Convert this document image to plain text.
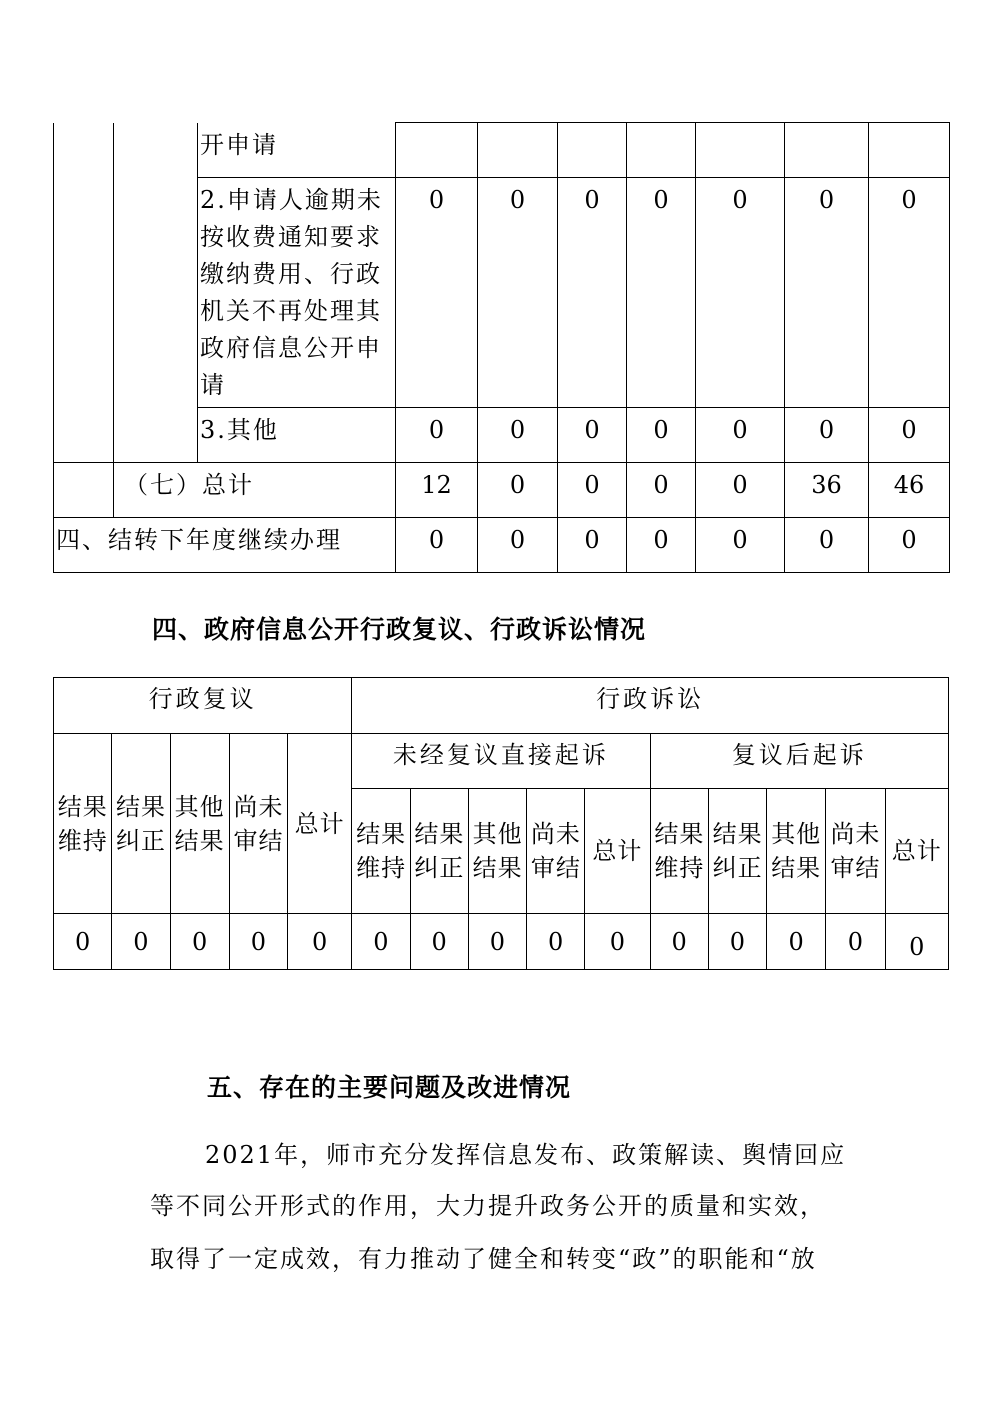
		开申请							
		2.申请人逾期未按收费通知要求缴纳费用、行政机关不再处理其政府信息公开申请	0	0	0	0	0	0	0
		3.其他	0	0	0	0	0	0	0
	（七）总计		12	0	0	0	0	36	46
四、结转下年度继续办理			0	0	0	0	0	0	0
四、政府信息公开行政复议、行政诉讼情况
行政复议					行政诉讼									
结果维持	结果纠正	其他结果	尚未审结	总计	未经复议直接起诉					复议后起诉				
					结果维持	结果纠正	其他结果	尚未审结	总计	结果维持	结果纠正	其他结果	尚未审结	总计
0	0	0	0	0	0	0	0	0	0	0	0	0	0	0
五、存在的主要问题及改进情况
2021年，师市充分发挥信息发布、政策解读、舆情回应
等不同公开形式的作用，大力提升政务公开的质量和实效，
取得了一定成效，有力推动了健全和转变“政”的职能和“放
